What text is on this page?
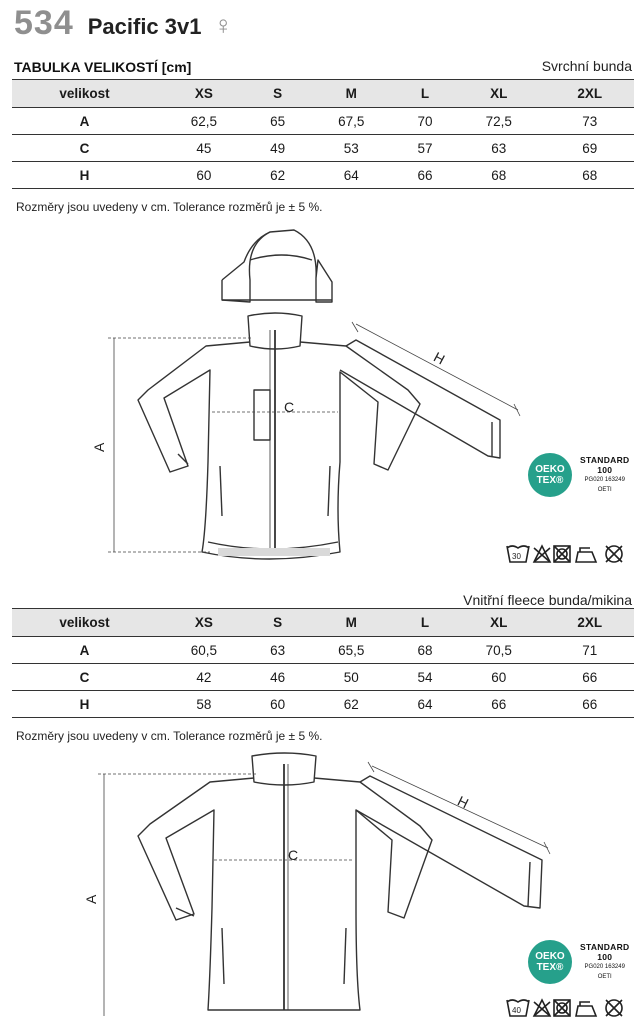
534 Pacific 3v1 ♀
TABULKA VELIKOSTÍ [cm]	Svrchní bunda
velikost	XS	S	M	L	XL	2XL
A	62,5	65	67,5	70	72,5	73
C	45	49	53	57	63	69
H	60	62	64	66	68	68
Rozměry jsou uvedeny v cm. Tolerance rozměrů je ± 5 %.
A
C
H
OEKO
TEX®
STANDARD
100
PG020 163249
OETI
30
Vnitřní fleece bunda/mikina
velikost	XS	S	M	L	XL	2XL
A	60,5	63	65,5	68	70,5	71
C	42	46	50	54	60	66
H	58	60	62	64	66	66
Rozměry jsou uvedeny v cm. Tolerance rozměrů je ± 5 %.
A
C
H
OEKO
TEX®
STANDARD
100
PG020 163249
OETI
40
